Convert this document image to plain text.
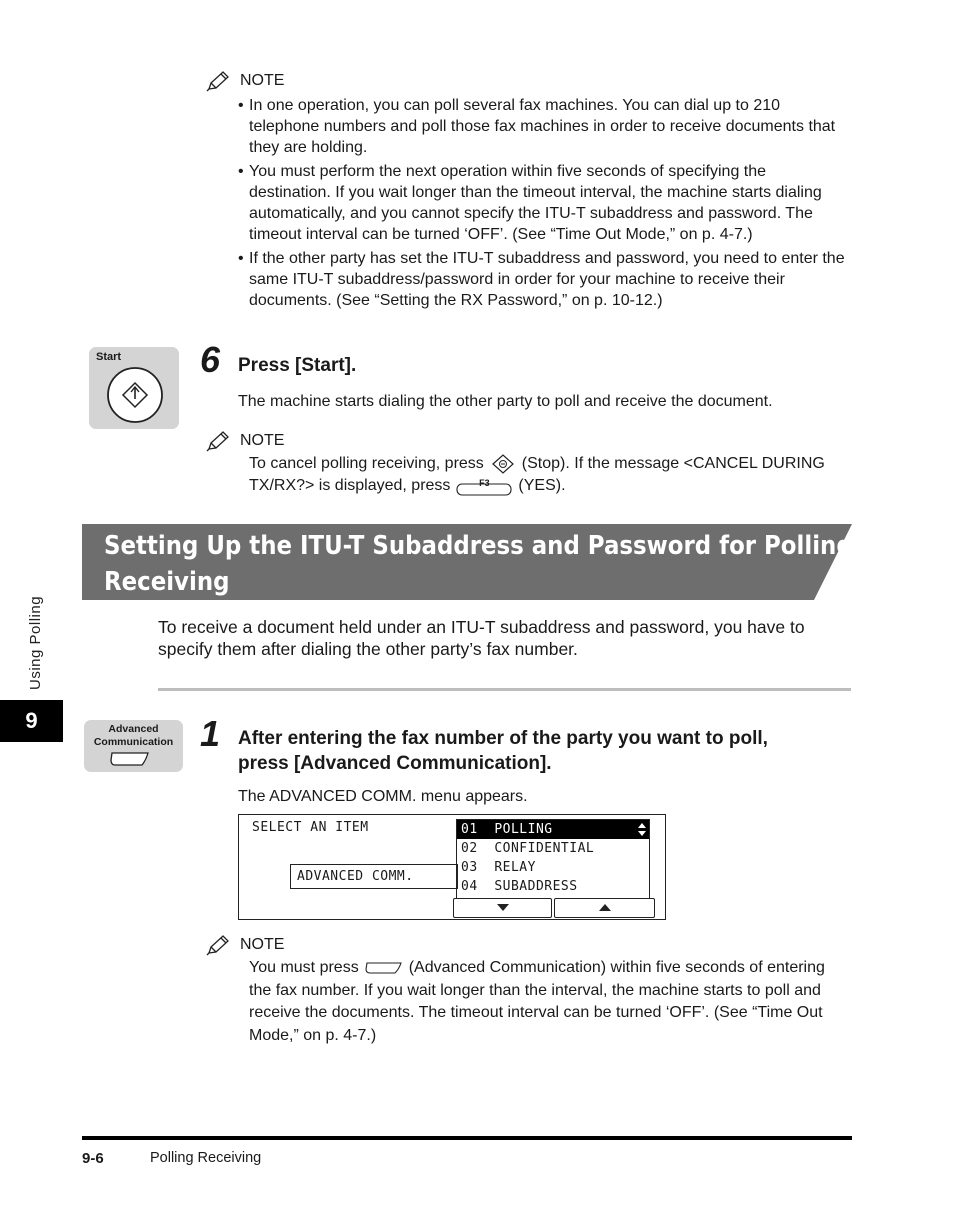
NOTE
• In one operation, you can poll several fax machines. You can dial up to 210 telephone numbers and poll those fax machines in order to receive documents that they are holding.
• You must perform the next operation within five seconds of specifying the destination. If you wait longer than the timeout interval, the machine starts dialing automatically, and you cannot specify the ITU-T subaddress and password. The timeout interval can be turned ‘OFF’. (See “Time Out Mode,” on p. 4-7.)
• If the other party has set the ITU-T subaddress and password, you need to enter the same ITU-T subaddress/password in order for your machine to receive their documents. (See “Setting the RX Password,” on p. 10-12.)
Start 6 Press [Start].
The machine starts dialing the other party to poll and receive the document.
NOTE
To cancel polling receiving, press (Stop). If the message <CANCEL DURING
TX/RX?> is displayed, press	F3	(YES).
Setting Up the ITU-T Subaddress and Password for Polling
Receiving
To receive a document held under an ITU-T subaddress and password, you have to specify them after dialing the other party’s fax number.
Using Polling
9	Advanced
Communication 1 After entering the fax number of the party you want to poll,
press [Advanced Communication].
The ADVANCED COMM. menu appears.
SELECT AN ITEM
ADVANCED COMM.
01 POLLING
02 CONFIDENTIAL
03 RELAY
04 SUBADDRESS
NOTE
You must press	(Advanced Communication) within five seconds of entering
the fax number. If you wait longer than the interval, the machine starts to poll and receive the documents. The timeout interval can be turned ‘OFF’. (See “Time Out Mode,” on p. 4-7.)
9-6	Polling Receiving
